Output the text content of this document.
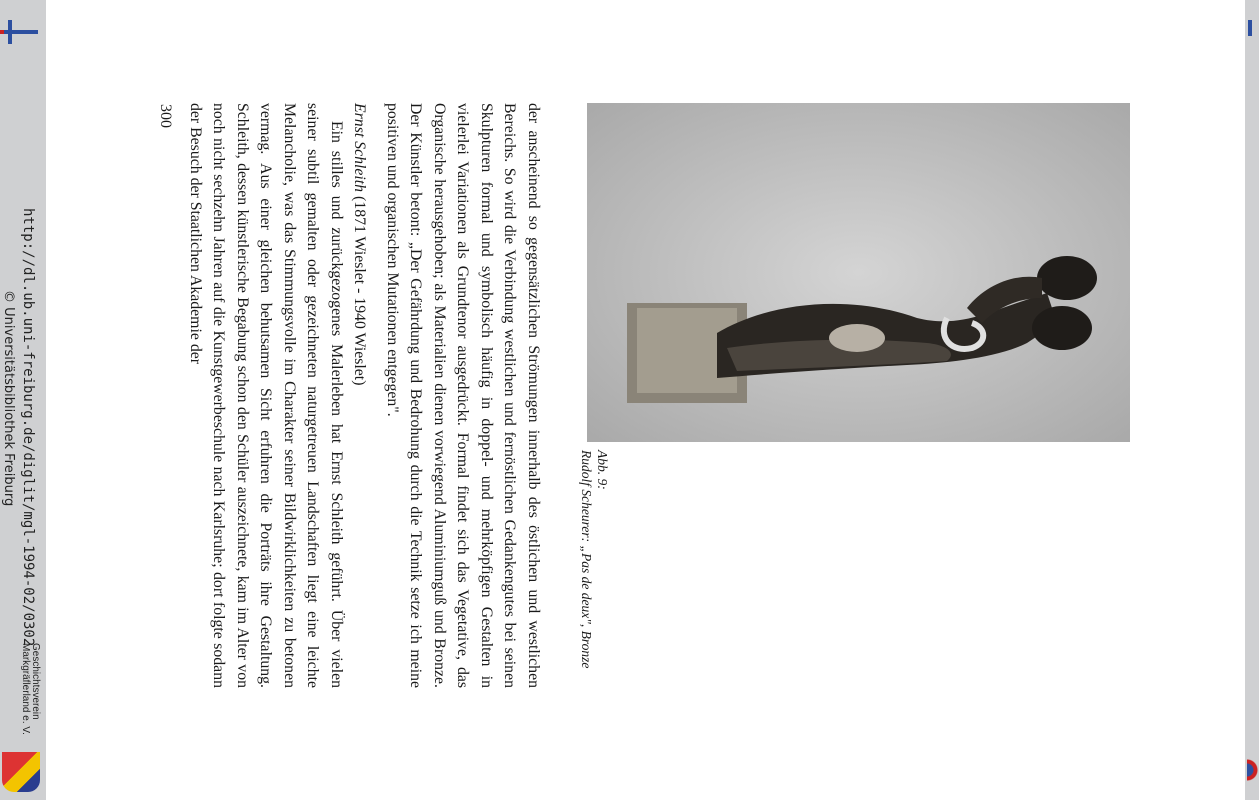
http://dl.ub.uni-freiburg.de/diglit/mgl-1994-02/0302
© Universitätsbibliothek Freiburg
Geschichtsverein
Markgräflerland e. V.
Abb. 9:
Rudolf Scheurer: „Pas de deux", Bronze

der anscheinend so gegensätzlichen Strömungen innerhalb des östlichen und westlichen Bereichs. So wird die Verbindung westlichen und fernöstlichen Gedankengutes bei seinen Skulpturen formal und symbolisch häufig in doppel- und mehrköpfigen Gestalten in vielerlei Variationen als Grundtenor ausgedrückt. Formal findet sich das Vegetative, das Organische herausgehoben; als Materialien dienen vorwiegend Aluminiumguß und Bronze. Der Künstler betont: „Der Gefährdung und Bedrohung durch die Technik setze ich meine positiven und organischen Mutationen entgegen".

Ernst Schleith (1871 Wieslet - 1940 Wieslet)

Ein stilles und zurückgezogenes Malerleben hat Ernst Schleith geführt. Über vielen seiner subtil gemalten oder gezeichneten naturgetreuen Landschaften liegt eine leichte Melancholie, was das Stimmungsvolle im Charakter seiner Bildwirklichkeiten zu betonen vermag. Aus einer gleichen behutsamen Sicht erfuhren die Porträts ihre Gestaltung. Schleith, dessen künstlerische Begabung schon den Schüler auszeichnete, kam im Alter von noch nicht sechzehn Jahren auf die Kunstgewerbeschule nach Karlsruhe; dort folgte sodann der Besuch der Staatlichen Akademie der

300
